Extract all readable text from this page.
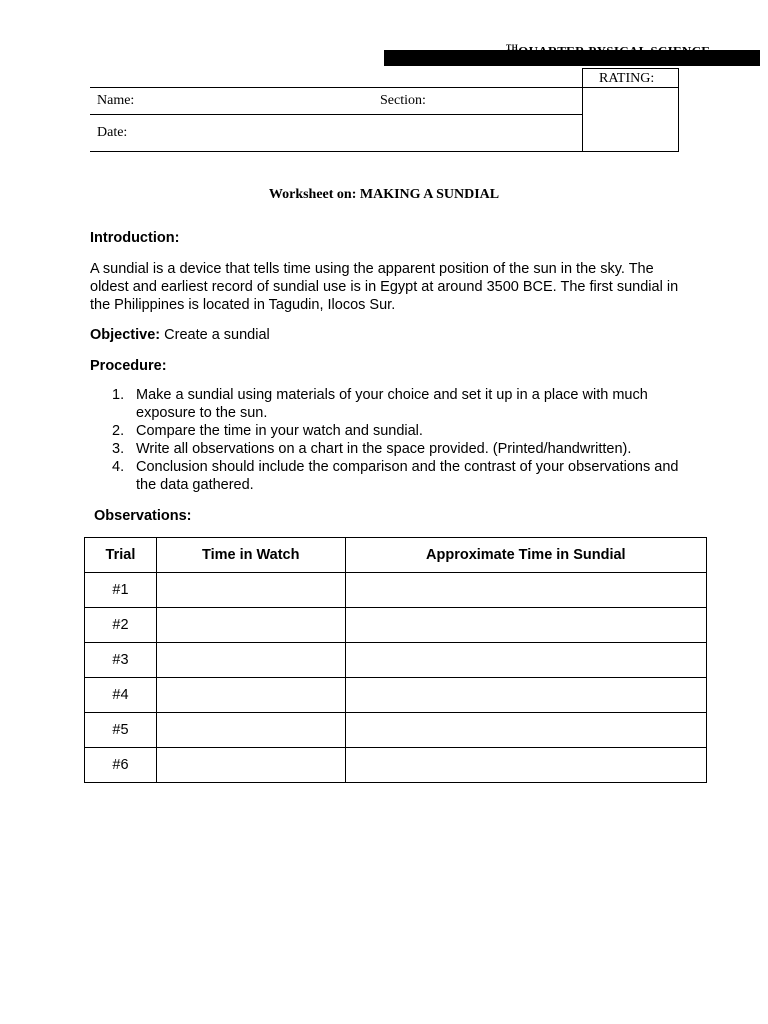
$^{TH}$QUARTER PYSICAL SCIENCE
Name:	Section:
Date:
RATING:
Worksheet on: MAKING A SUNDIAL
Introduction:
A sundial is a device that tells time using the apparent position of the sun in the sky. The oldest and earliest record of sundial use is in Egypt at around 3500 BCE. The first sundial in the Philippines is located in Tagudin, Ilocos Sur.
Objective: Create a sundial
Procedure:
1. Make a sundial using materials of your choice and set it up in a place with much exposure to the sun.
2. Compare the time in your watch and sundial.
3. Write all observations on a chart in the space provided. (Printed/handwritten).
4. Conclusion should include the comparison and the contrast of your observations and the data gathered.
Observations:
Trial	Time in Watch	Approximate Time in Sundial
#1		
#2		
#3		
#4		
#5		
#6		
